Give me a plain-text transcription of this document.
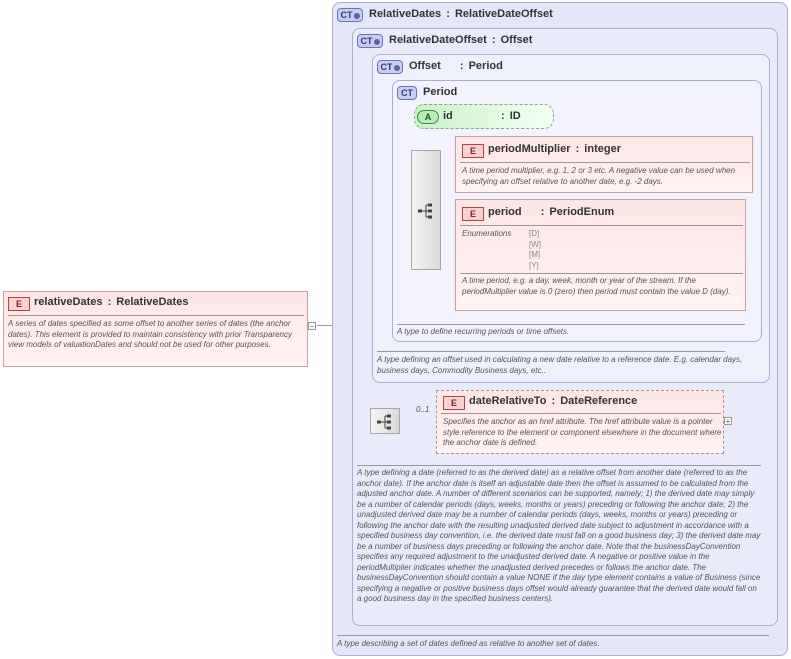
E	relativeDates : RelativeDates
A series of dates specified as some offset to another series of dates (the anchor dates). This element is provided to maintain consistency with prior Transparency view models of valuationDates and should not be used for other purposes.
−
CT	RelativeDates : RelativeDateOffset
A type describing a set of dates defined as relative to another set of dates.
CT	RelativeDateOffset : Offset
A type defining a date (referred to as the derived date) as a relative offset from another date (referred to as the anchor date). If the anchor date is itself an adjustable date then the offset is assumed to be calculated from the adjusted anchor date. A number of different scenarios can be supported, namely; 1) the derived date may simply be a number of calendar periods (days, weeks, months or years) preceding or following the anchor date; 2) the unadjusted derived date may be a number of calendar periods (days, weeks, months or years) preceding or following the anchor date with the resulting unadjusted derived date subject to adjustment in accordance with a specified business day convention, i.e. the derived date must fall on a good business day; 3) the derived date may be a number of business days preceding or following the anchor date. Note that the businessDayConvention specifies any required adjustment to the unadjusted derived date. A negative or positive value in the periodMultiplier indicates whether the unadjusted derived precedes or follows the anchor date. The businessDayConvention should contain a value NONE if the day type element contains a value of Business (since specifying a negative or positive business days offset would already guarantee that the derived date would fall on a good business day in the specified business centers).
CT	Offset : Period
A type defining an offset used in calculating a new date relative to a reference date. E.g. calendar days, business days, Commodity Business days, etc..
CT Period
A type to define recurring periods or time offsets.
A	id	: ID
E	periodMultiplier : integer
A time period multiplier, e.g. 1, 2 or 3 etc. A negative value can be used when specifying an offset relative to another date, e.g. -2 days.
E	period : PeriodEnum
Enumerations [D]
[W]
[M]
[Y]
A time period, e.g. a day, week, month or year of the stream. If the periodMultiplier value is 0 (zero) then period must contain the value D (day).
0..1
E	dateRelativeTo : DateReference
Specifies the anchor as an href attribute. The href attribute value is a pointer style reference to the element or component elsewhere in the document where the anchor date is defined.
+
